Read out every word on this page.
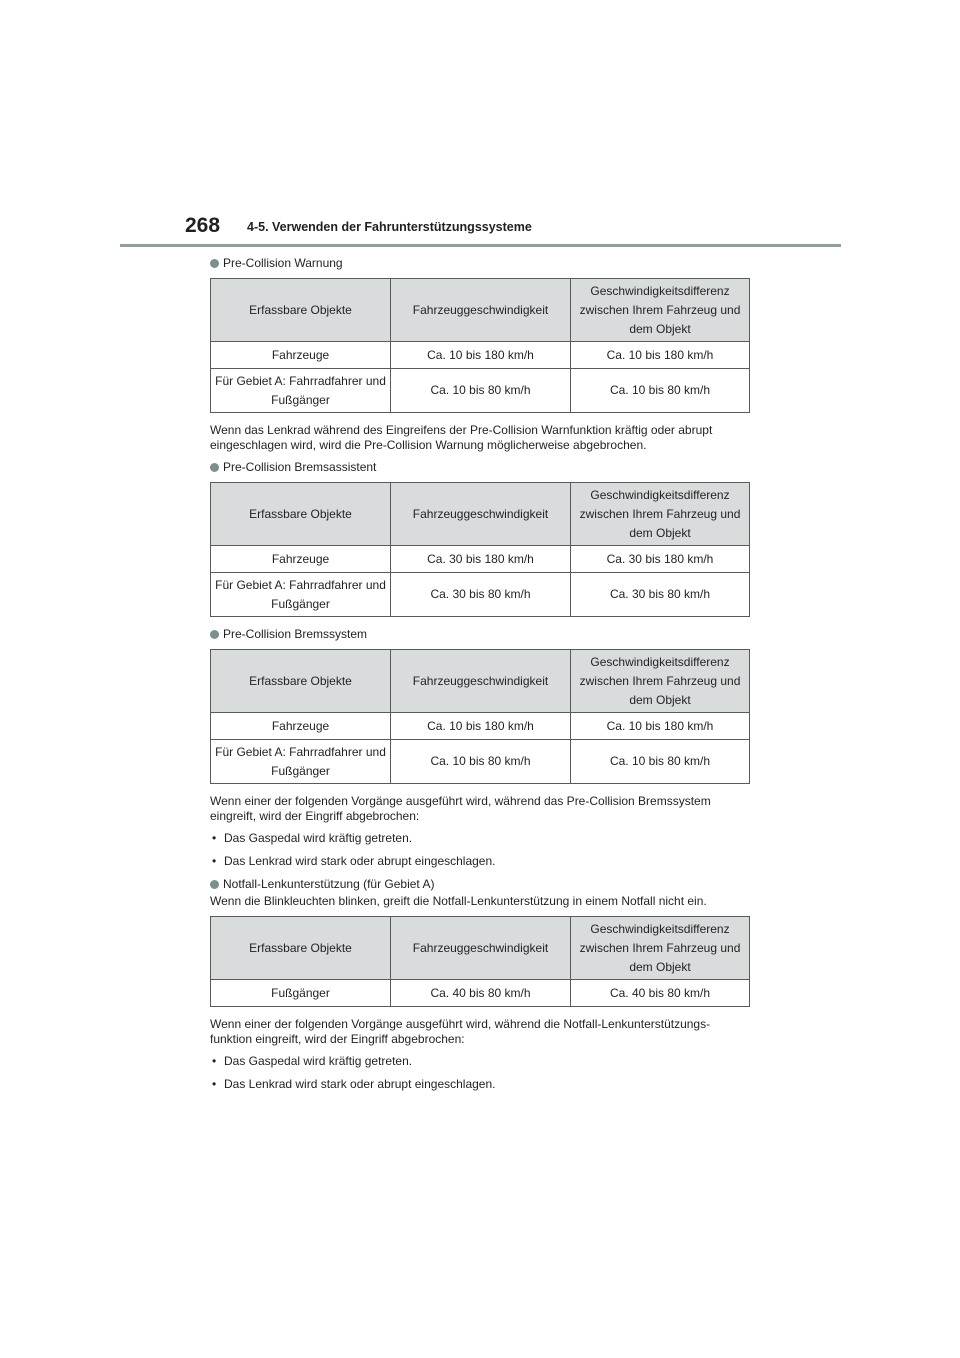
268 4-5. Verwenden der Fahrunterstützungssysteme
Pre-Collision Warnung
Erfassbare Objekte	Fahrzeuggeschwindigkeit	Geschwindigkeitsdifferenz zwischen Ihrem Fahrzeug und dem Objekt
Fahrzeuge	Ca. 10 bis 180 km/h	Ca. 10 bis 180 km/h
Für Gebiet A: Fahrradfahrer und Fußgänger	Ca. 10 bis 80 km/h	Ca. 10 bis 80 km/h

Wenn das Lenkrad während des Eingreifens der Pre-Collision Warnfunktion kräftig oder abrupt eingeschlagen wird, wird die Pre-Collision Warnung möglicherweise abgebrochen.

Pre-Collision Bremsassistent
Erfassbare Objekte	Fahrzeuggeschwindigkeit	Geschwindigkeitsdifferenz zwischen Ihrem Fahrzeug und dem Objekt
Fahrzeuge	Ca. 30 bis 180 km/h	Ca. 30 bis 180 km/h
Für Gebiet A: Fahrradfahrer und Fußgänger	Ca. 30 bis 80 km/h	Ca. 30 bis 80 km/h
Pre-Collision Bremssystem
Erfassbare Objekte	Fahrzeuggeschwindigkeit	Geschwindigkeitsdifferenz zwischen Ihrem Fahrzeug und dem Objekt
Fahrzeuge	Ca. 10 bis 180 km/h	Ca. 10 bis 180 km/h
Für Gebiet A: Fahrradfahrer und Fußgänger	Ca. 10 bis 80 km/h	Ca. 10 bis 80 km/h

Wenn einer der folgenden Vorgänge ausgeführt wird, während das Pre-Collision Bremssystem eingreift, wird der Eingriff abgebrochen:

• Das Gaspedal wird kräftig getreten.
• Das Lenkrad wird stark oder abrupt eingeschlagen.
Notfall-Lenkunterstützung (für Gebiet A)

Wenn die Blinkleuchten blinken, greift die Notfall-Lenkunterstützung in einem Notfall nicht ein.

Erfassbare Objekte	Fahrzeuggeschwindigkeit	Geschwindigkeitsdifferenz zwischen Ihrem Fahrzeug und dem Objekt
Fußgänger	Ca. 40 bis 80 km/h	Ca. 40 bis 80 km/h

Wenn einer der folgenden Vorgänge ausgeführt wird, während die Notfall-Lenkunterstützungs-funktion eingreift, wird der Eingriff abgebrochen:

• Das Gaspedal wird kräftig getreten.
• Das Lenkrad wird stark oder abrupt eingeschlagen.
